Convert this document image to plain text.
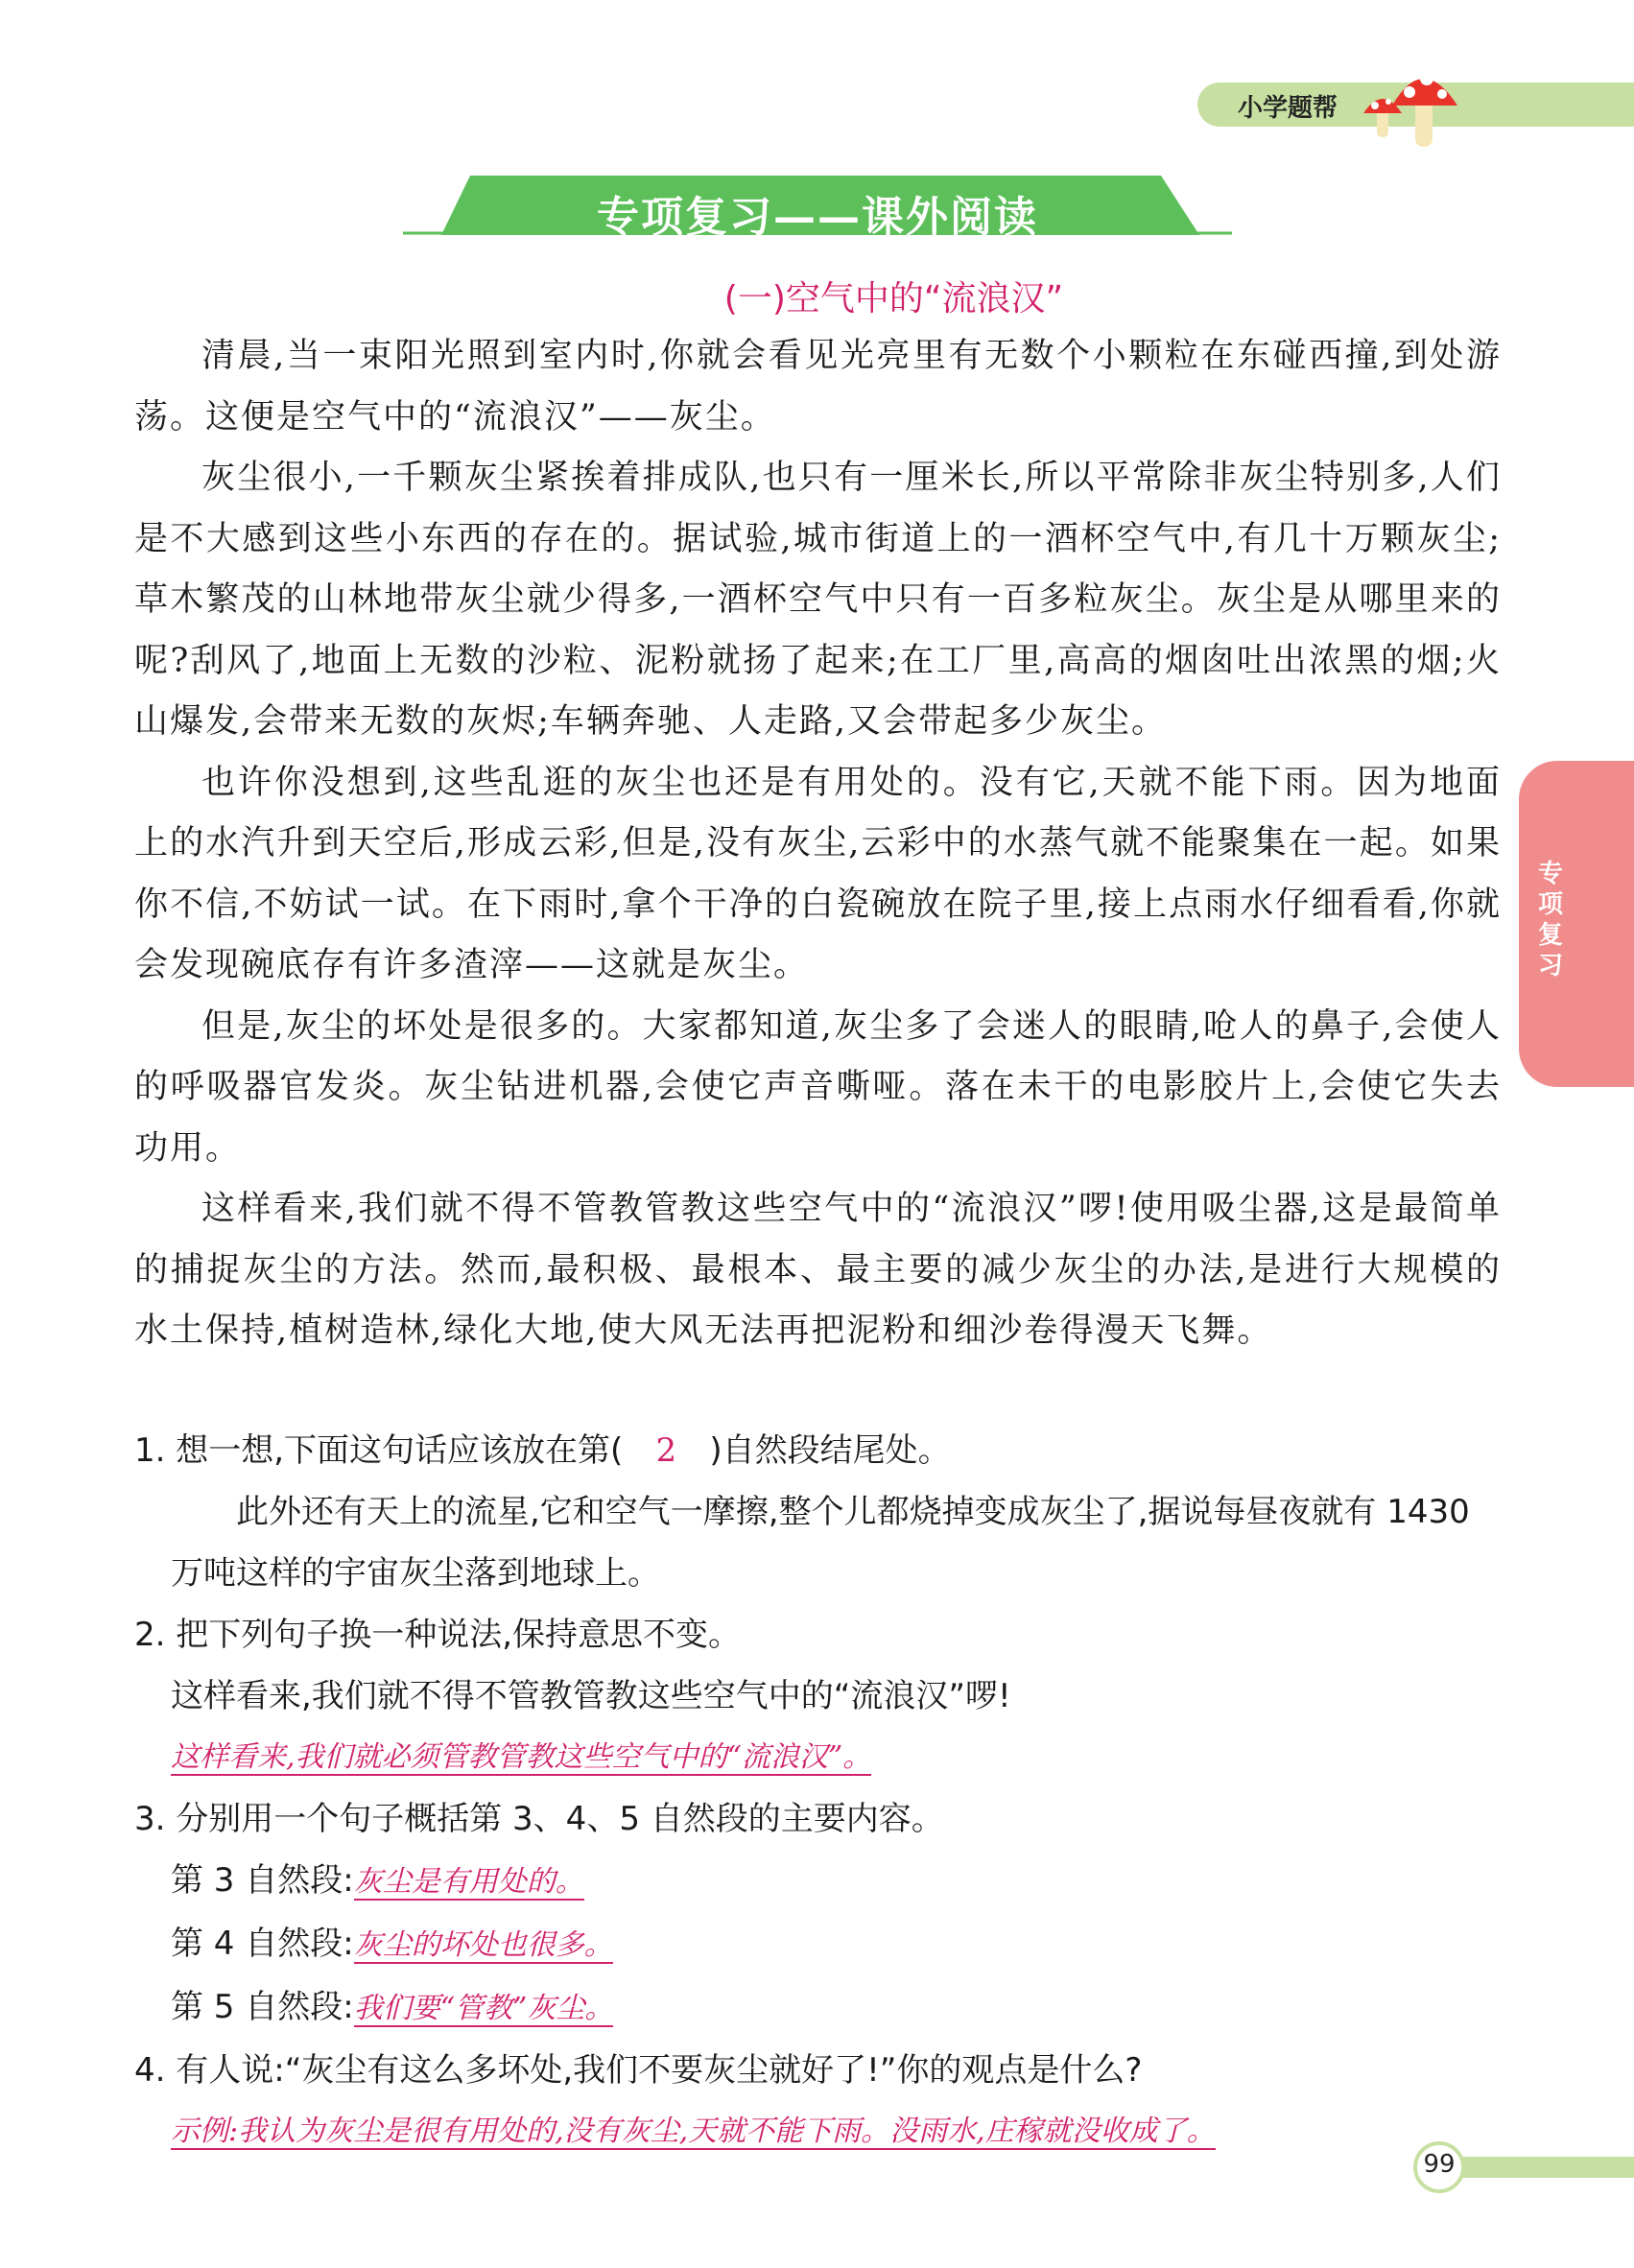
小学题帮
专项复习——课外阅读
(一)空气中的“流浪汉”

清晨,当一束阳光照到室内时,你就会看见光亮里有无数个小颗粒在东碰西撞,到处游荡。这便是空气中的“流浪汉”——灰尘。

灰尘很小,一千颗灰尘紧挨着排成队,也只有一厘米长,所以平常除非灰尘特别多,人们是不大感到这些小东西的存在的。据试验,城市街道上的一酒杯空气中,有几十万颗灰尘;草木繁茂的山林地带灰尘就少得多,一酒杯空气中只有一百多粒灰尘。灰尘是从哪里来的呢?刮风了,地面上无数的沙粒、泥粉就扬了起来;在工厂里,高高的烟囱吐出浓黑的烟;火山爆发,会带来无数的灰烬;车辆奔驰、人走路,又会带起多少灰尘。

也许你没想到,这些乱逛的灰尘也还是有用处的。没有它,天就不能下雨。因为地面上的水汽升到天空后,形成云彩,但是,没有灰尘,云彩中的水蒸气就不能聚集在一起。如果你不信,不妨试一试。在下雨时,拿个干净的白瓷碗放在院子里,接上点雨水仔细看看,你就会发现碗底存有许多渣滓——这就是灰尘。

但是,灰尘的坏处是很多的。大家都知道,灰尘多了会迷人的眼睛,呛人的鼻子,会使人的呼吸器官发炎。灰尘钻进机器,会使它声音嘶哑。落在未干的电影胶片上,会使它失去功用。

这样看来,我们就不得不管教管教这些空气中的“流浪汉”啰!使用吸尘器,这是最简单的捕捉灰尘的方法。然而,最积极、最根本、最主要的减少灰尘的办法,是进行大规模的水土保持,植树造林,绿化大地,使大风无法再把泥粉和细沙卷得漫天飞舞。

1. 想一想,下面这句话应该放在第( 2 )自然段结尾处。
此外还有天上的流星,它和空气一摩擦,整个儿都烧掉变成灰尘了,据说每昼夜就有 1430 万吨这样的宇宙灰尘落到地球上。
2. 把下列句子换一种说法,保持意思不变。
这样看来,我们就不得不管教管教这些空气中的“流浪汉”啰!
这样看来,我们就必须管教管教这些空气中的“流浪汉”。
3. 分别用一个句子概括第 3、4、5 自然段的主要内容。
第 3 自然段:灰尘是有用处的。
第 4 自然段:灰尘的坏处也很多。
第 5 自然段:我们要“管教”灰尘。
4. 有人说:“灰尘有这么多坏处,我们不要灰尘就好了!”你的观点是什么?
示例:我认为灰尘是很有用处的,没有灰尘,天就不能下雨。没雨水,庄稼就没收成了。
专项复习
99
